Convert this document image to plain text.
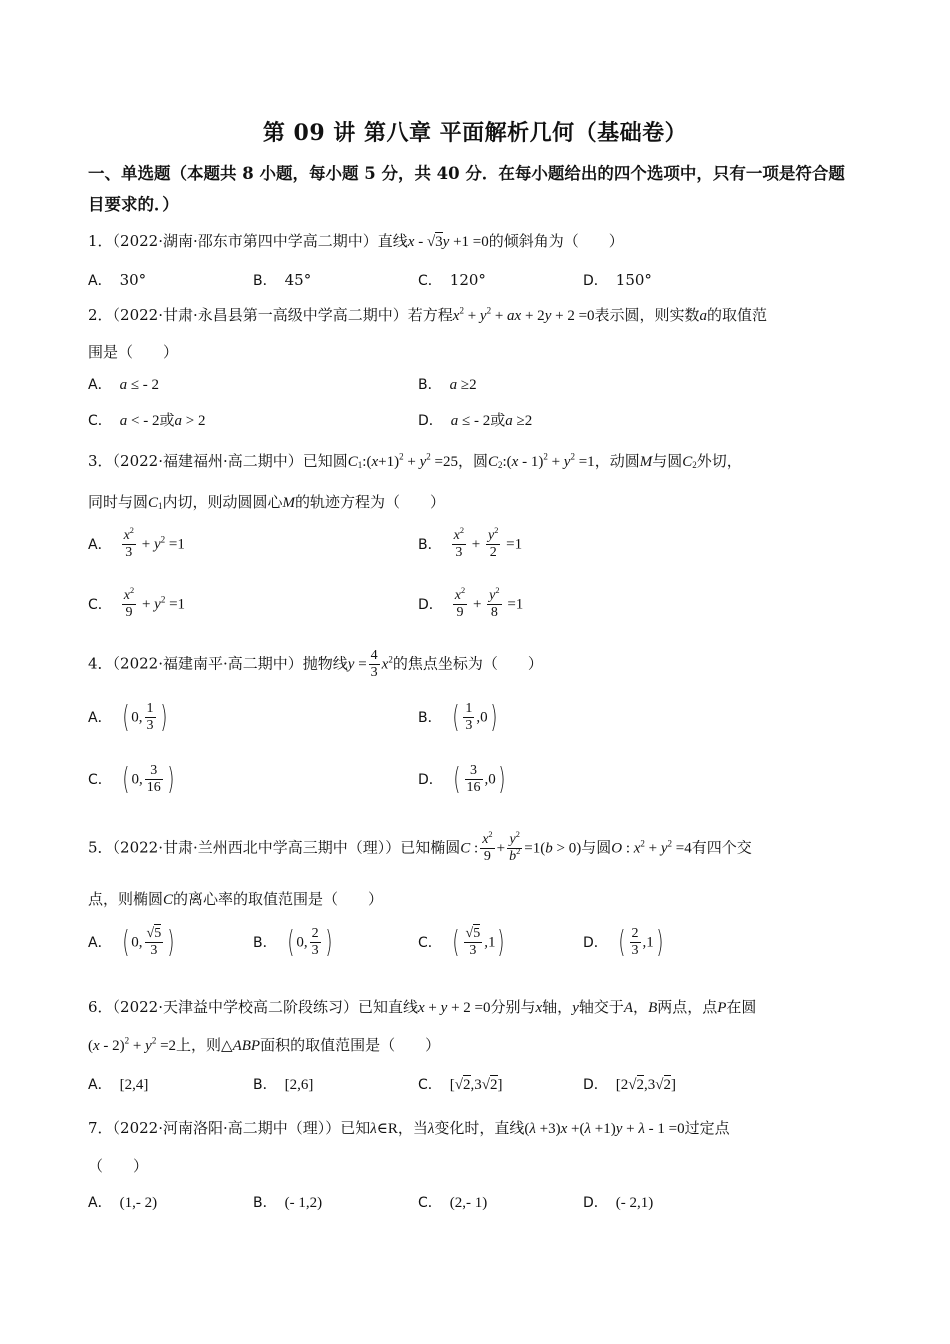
第 09 讲 第八章 平面解析几何（基础卷）
一、单选题（本题共 8 小题，每小题 5 分，共 40 分．在每小题给出的四个选项中，只有一项是符合题目要求的．）
1．（2022·湖南·邵东市第四中学高二期中）直线x - √3y +1 =0的倾斜角为（　　）
A． 30°	B． 45°	C． 120°	D． 150°
2．（2022·甘肃·永昌县第一高级中学高二期中）若方程$x^2 + y^2$ + ax + 2y + 2 =0表示圆，则实数a的取值范
围是（　　）
A． a ≤ - 2	B． a ≥2
C． a < - 2或a > 2	D． a ≤ - 2或a ≥2
3．（2022·福建福州·高二期中）已知圆$C_1:(x+1)^2 + y^2 =25$，圆$C_2:(x - 1)^2 + y^2 =1$，动圆M与圆$C_2$外切，
同时与圆$C_1$内切，则动圆圆心M的轨迹方程为（　　）
A． $\frac{x^2}{3} + y^2 =1$	B． $\frac{x^2}{3} + \frac{y^2}{2} =1$
C． $\frac{x^2}{9} + y^2 =1$	D． $\frac{x^2}{9} + \frac{y^2}{8} =1$
4．（2022·福建南平·高二期中）抛物线$y = \frac{4}{3} x^2$的焦点坐标为（　　）
A． ( 0, $\frac{1}{3}$ )	B． ( $\frac{1}{3} ,0$)
C． ( 0, $\frac{3}{16}$ )	D． ( $\frac{3}{16} ,0$)
5．（2022·甘肃·兰州西北中学高三期中（理））已知椭圆C : $\frac{x^2}{9} + \frac{y^2}{b^2} =1(b > 0)$与圆O : $x^2 + y^2 =4$有四个交
点，则椭圆C的离心率的取值范围是（　　）
A． ( 0, $\frac{√5}{3}$ )	B． ( 0, $\frac{2}{3}$ )	C． ( $\frac{√5}{3} ,1$)	D． ( $\frac{2}{3} ,1$)
6．（2022·天津益中学校高二阶段练习）已知直线x + y + 2 =0分别与x轴，y轴交于A，B两点，点P在圆
$(x - 2)^2 + y^2 =2$上，则△ABP面积的取值范围是（　　）
A． [2,4]	B． [2,6]	C． [√2,3√2]	D． [2√2,3√2]
7．（2022·河南洛阳·高二期中（理））已知λ∈R，当λ变化时，直线(λ +3)x +(λ +1)y + λ - 1 =0过定点
（　　）
A． (1,- 2)	B． (- 1,2)	C． (2,- 1)	D． (- 2,1)
